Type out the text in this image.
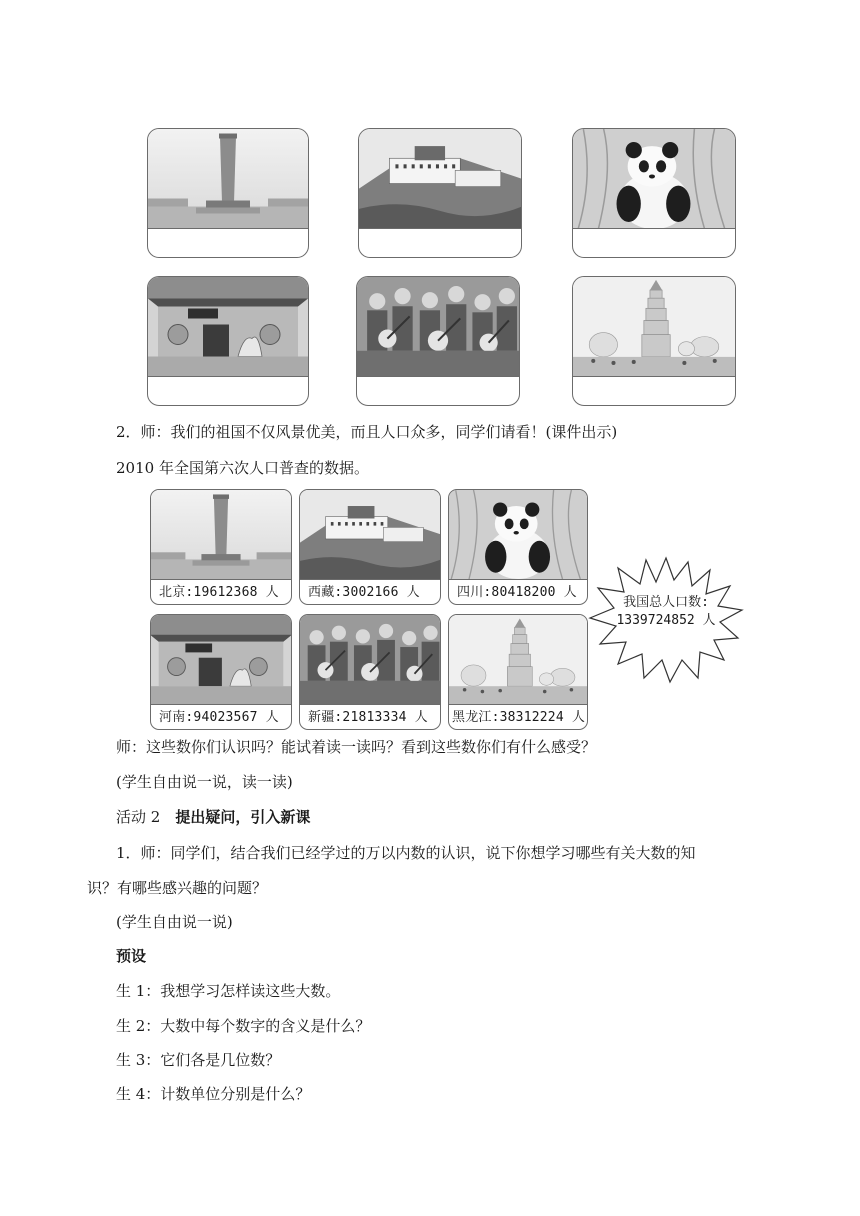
2．师：我们的祖国不仅风景优美，而且人口众多，同学们请看！(课件出示)
2010 年全国第六次人口普查的数据。
北京:19612368 人	西藏:3002166 人	四川:80418200 人
河南:94023567 人	新疆:21813334 人	黑龙江:38312224 人
我国总人口数:
1339724852 人
师：这些数你们认识吗？能试着读一读吗？看到这些数你们有什么感受？
(学生自由说一说，读一读)
活动 2　提出疑问，引入新课
1．师：同学们，结合我们已经学过的万以内数的认识，说下你想学习哪些有关大数的知
识？有哪些感兴趣的问题？
(学生自由说一说)
预设
生 1：我想学习怎样读这些大数。
生 2：大数中每个数字的含义是什么？
生 3：它们各是几位数？
生 4：计数单位分别是什么？
